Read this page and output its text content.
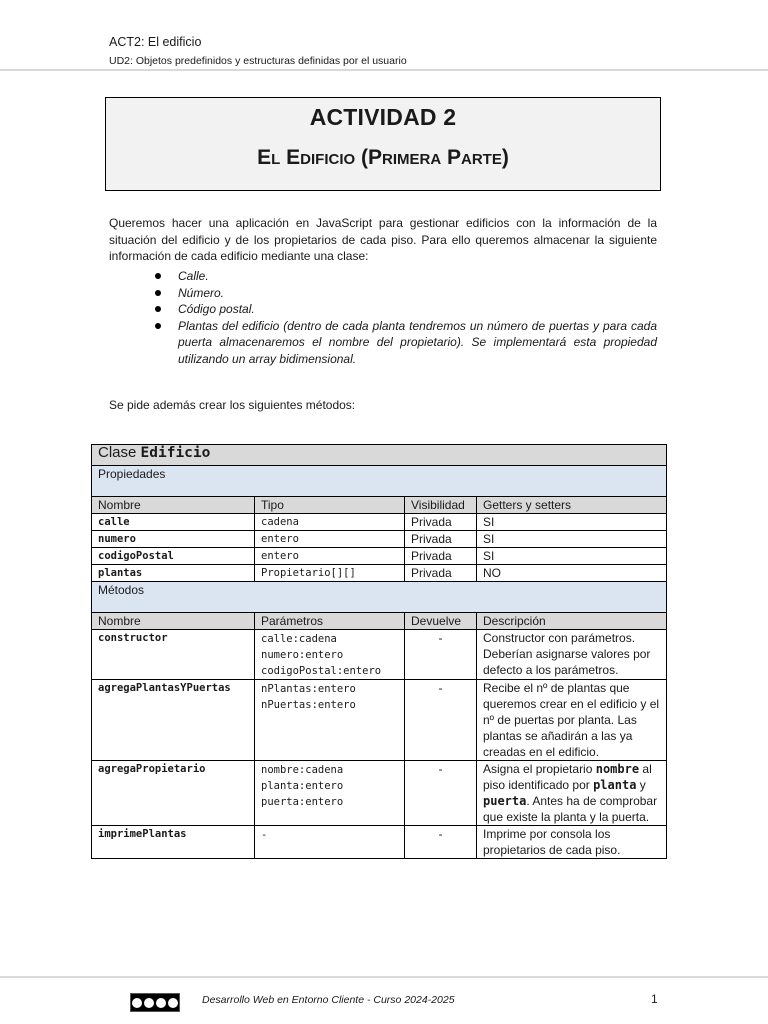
ACT2: El edificio
UD2: Objetos predefinidos y estructuras definidas por el usuario
ACTIVIDAD 2
El Edificio (Primera Parte)
Queremos hacer una aplicación en JavaScript para gestionar edificios con la información de la situación del edificio y de los propietarios de cada piso. Para ello queremos almacenar la siguiente información de cada edificio mediante una clase:
Calle.
Número.
Código postal.
Plantas del edificio (dentro de cada planta tendremos un número de puertas y para cada puerta almacenaremos el nombre del propietario). Se implementará esta propiedad utilizando un array bidimensional.
Se pide además crear los siguientes métodos:
Clase Edificio			
Propiedades			
Nombre	Tipo	Visibilidad	Getters y setters
calle	cadena	Privada	SI
numero	entero	Privada	SI
codigoPostal	entero	Privada	SI
plantas	Propietario[][]	Privada	NO
Métodos			
Nombre	Parámetros	Devuelve	Descripción
constructor	calle:cadena
numero:entero
codigoPostal:entero	-	Constructor con parámetros. Deberían asignarse valores por defecto a los parámetros.
agregaPlantasYPuertas	nPlantas:entero
nPuertas:entero	-	Recibe el nº de plantas que queremos crear en el edificio y el nº de puertas por planta. Las plantas se añadirán a las ya creadas en el edificio.
agregaPropietario	nombre:cadena
planta:entero
puerta:entero	-	Asigna el propietario nombre al piso identificado por planta y puerta. Antes ha de comprobar que existe la planta y la puerta.
imprimePlantas	-	-	Imprime por consola los propietarios de cada piso.
Desarrollo Web en Entorno Cliente - Curso 2024-2025	1
